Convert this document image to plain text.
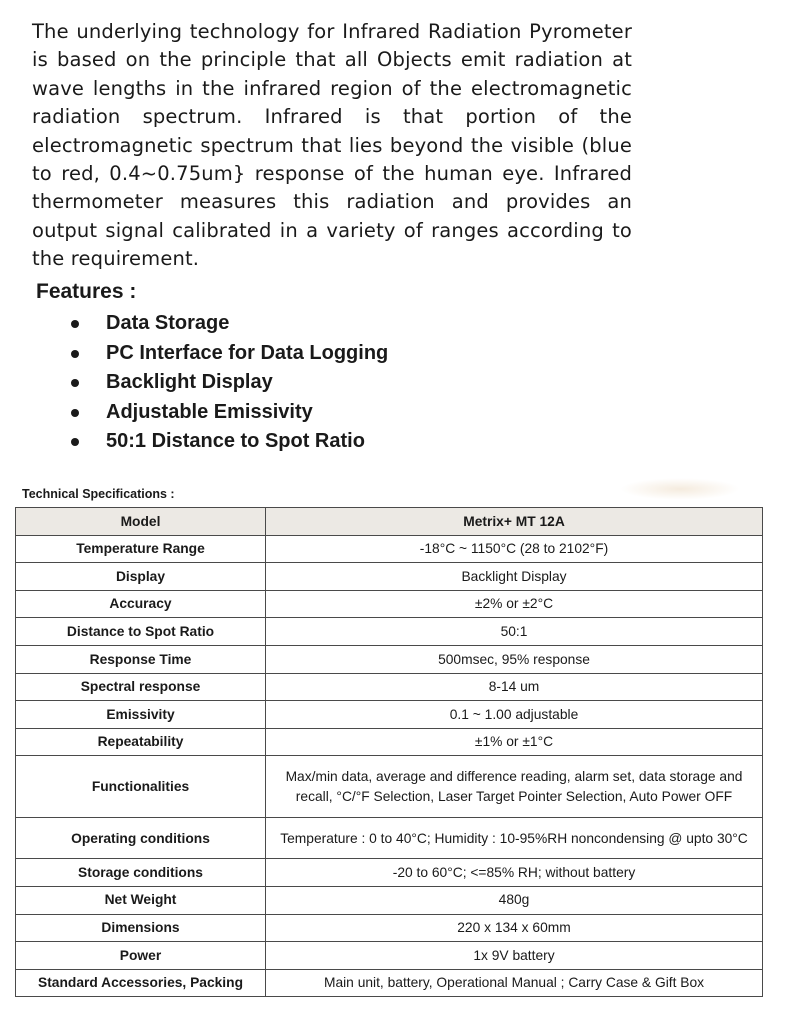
The underlying technology for Infrared Radiation Pyrometer is based on the principle that all Objects emit radiation at wave lengths in the infrared region of the electromagnetic radiation spectrum. Infrared is that portion of the electromagnetic spectrum that lies beyond the visible (blue to red, 0.4~0.75um} response of the human eye. Infrared thermometer measures this radiation and provides an output signal calibrated in a variety of ranges according to the requirement.

Features :
Data Storage
PC Interface for Data Logging
Backlight Display
Adjustable Emissivity
50:1 Distance to Spot Ratio
Technical Specifications :
Model	Metrix+ MT 12A
Temperature Range	-18°C ~ 1150°C (28 to 2102°F)
Display	Backlight Display
Accuracy	±2% or ±2°C
Distance to Spot Ratio	50:1
Response Time	500msec, 95% response
Spectral response	8-14 um
Emissivity	0.1 ~ 1.00 adjustable
Repeatability	±1% or ±1°C
Functionalities	Max/min data, average and difference reading, alarm set, data storage and recall, °C/°F Selection, Laser Target Pointer Selection, Auto Power OFF
Operating conditions	Temperature : 0 to 40°C; Humidity : 10-95%RH noncondensing @ upto 30°C
Storage conditions	-20 to 60°C; <=85% RH; without battery
Net Weight	480g
Dimensions	220 x 134 x 60mm
Power	1x 9V battery
Standard Accessories, Packing	Main unit, battery, Operational Manual ; Carry Case & Gift Box
